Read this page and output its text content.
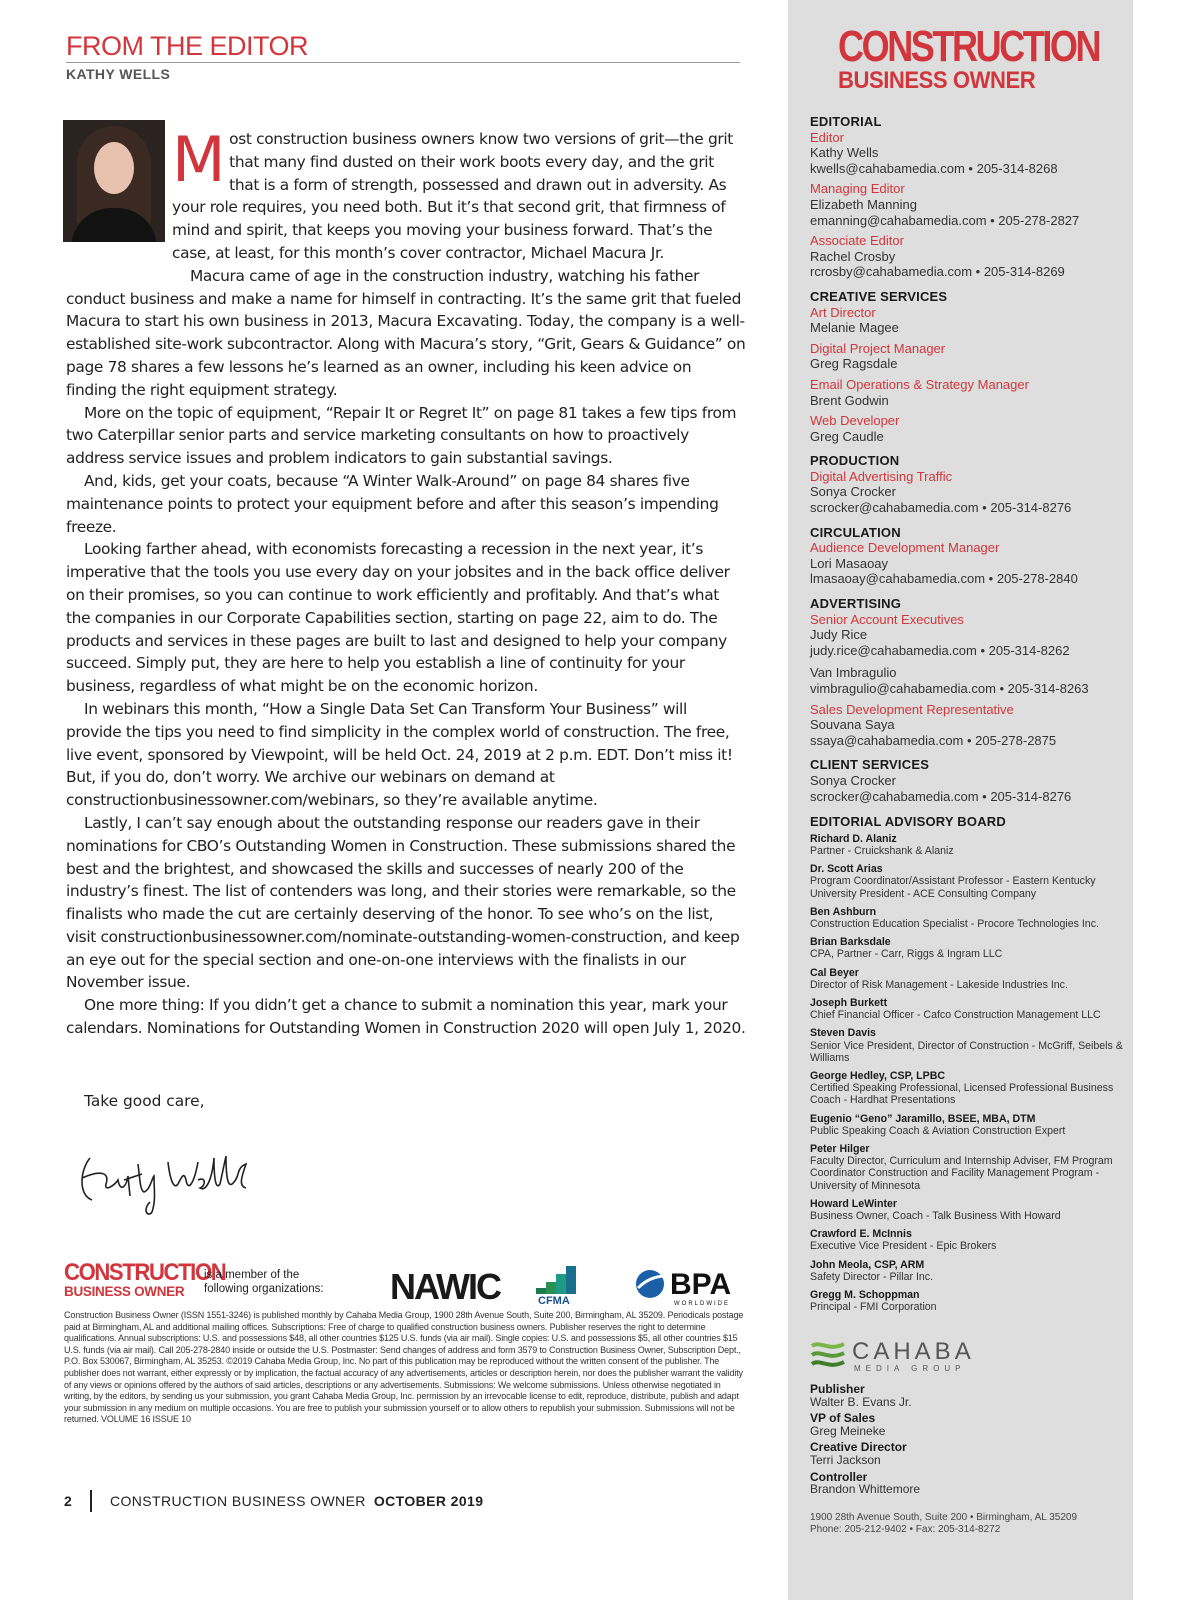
FROM THE EDITOR
KATHY WELLS
M ost construction business owners know two versions of grit—the grit that many find dusted on their work boots every day, and the grit that is a form of strength, possessed and drawn out in adversity. As your role requires, you need both. But it’s that second grit, that firmness of mind and spirit, that keeps you moving your business forward. That’s the case, at least, for this month’s cover contractor, Michael Macura Jr.

Macura came of age in the construction industry, watching his father conduct business and make a name for himself in contracting. It’s the same grit that fueled Macura to start his own business in 2013, Macura Excavating. Today, the company is a well-established site-work subcontractor. Along with Macura’s story, “Grit, Gears & Guidance” on page 78 shares a few lessons he’s learned as an owner, including his keen advice on finding the right equipment strategy.

More on the topic of equipment, “Repair It or Regret It” on page 81 takes a few tips from two Caterpillar senior parts and service marketing consultants on how to proactively address service issues and problem indicators to gain substantial savings.

And, kids, get your coats, because “A Winter Walk-Around” on page 84 shares five maintenance points to protect your equipment before and after this season’s impending freeze.

Looking farther ahead, with economists forecasting a recession in the next year, it’s imperative that the tools you use every day on your jobsites and in the back office deliver on their promises, so you can continue to work efficiently and profitably. And that’s what the companies in our Corporate Capabilities section, starting on page 22, aim to do. The products and services in these pages are built to last and designed to help your company succeed. Simply put, they are here to help you establish a line of continuity for your business, regardless of what might be on the economic horizon.

In webinars this month, “How a Single Data Set Can Transform Your Business” will provide the tips you need to find simplicity in the complex world of construction. The free, live event, sponsored by Viewpoint, will be held Oct. 24, 2019 at 2 p.m. EDT. Don’t miss it! But, if you do, don’t worry. We archive our webinars on demand at constructionbusinessowner.com/webinars, so they’re available anytime.

Lastly, I can’t say enough about the outstanding response our readers gave in their nominations for CBO’s Outstanding Women in Construction. These submissions shared the best and the brightest, and showcased the skills and successes of nearly 200 of the industry’s finest. The list of contenders was long, and their stories were remarkable, so the finalists who made the cut are certainly deserving of the honor. To see who’s on the list, visit constructionbusinessowner.com/nominate-outstanding-women-construction, and keep an eye out for the special section and one-on-one interviews with the finalists in our November issue.

One more thing: If you didn’t get a chance to submit a nomination this year, mark your calendars. Nominations for Outstanding Women in Construction 2020 will open July 1, 2020.

Take good care,
CONSTRUCTION
BUSINESS OWNER
is a member of the following organizations:	NAWIC	CFMA	BPA
WORLDWIDE
Construction Business Owner (ISSN 1551-3246) is published monthly by Cahaba Media Group, 1900 28th Avenue South, Suite 200, Birmingham, AL 35209. Periodicals postage paid at Birmingham, AL and additional mailing offices. Subscriptions: Free of charge to qualified construction business owners. Publisher reserves the right to determine qualifications. Annual subscriptions: U.S. and possessions $48, all other countries $125 U.S. funds (via air mail). Single copies: U.S. and possessions $5, all other countries $15 U.S. funds (via air mail). Call 205-278-2840 inside or outside the U.S. Postmaster: Send changes of address and form 3579 to Construction Business Owner, Subscription Dept., P.O. Box 530067, Birmingham, AL 35253. ©2019 Cahaba Media Group, Inc. No part of this publication may be reproduced without the written consent of the publisher. The publisher does not warrant, either expressly or by implication, the factual accuracy of any advertisements, articles or description herein, nor does the publisher warrant the validity of any views or opinions offered by the authors of said articles, descriptions or any advertisements. Submissions: We welcome submissions. Unless otherwise negotiated in writing, by the editors, by sending us your submission, you grant Cahaba Media Group, Inc. permission by an irrevocable license to edit, reproduce, distribute, publish and adapt your submission in any medium on multiple occasions. You are free to publish your submission yourself or to allow others to republish your submission. Submissions will not be returned. VOLUME 16 ISSUE 10
2	CONSTRUCTION BUSINESS OWNER OCTOBER 2019
CONSTRUCTION
BUSINESS OWNER
EDITORIAL
Editor
Kathy Wells
kwells@cahabamedia.com • 205-314-8268
Managing Editor
Elizabeth Manning
emanning@cahabamedia.com • 205-278-2827
Associate Editor
Rachel Crosby
rcrosby@cahabamedia.com • 205-314-8269
CREATIVE SERVICES
Art Director
Melanie Magee
Digital Project Manager
Greg Ragsdale
Email Operations & Strategy Manager
Brent Godwin
Web Developer
Greg Caudle
PRODUCTION
Digital Advertising Traffic
Sonya Crocker
scrocker@cahabamedia.com • 205-314-8276
CIRCULATION
Audience Development Manager
Lori Masaoay
lmasaoay@cahabamedia.com • 205-278-2840
ADVERTISING
Senior Account Executives
Judy Rice
judy.rice@cahabamedia.com • 205-314-8262
Van Imbragulio
vimbragulio@cahabamedia.com • 205-314-8263
Sales Development Representative
Souvana Saya
ssaya@cahabamedia.com • 205-278-2875
CLIENT SERVICES
Sonya Crocker
scrocker@cahabamedia.com • 205-314-8276
EDITORIAL ADVISORY BOARD
Richard D. Alaniz
Partner - Cruickshank & Alaniz
Dr. Scott Arias
Program Coordinator/Assistant Professor - Eastern Kentucky University President - ACE Consulting Company
Ben Ashburn
Construction Education Specialist - Procore Technologies Inc.
Brian Barksdale
CPA, Partner - Carr, Riggs & Ingram LLC
Cal Beyer
Director of Risk Management - Lakeside Industries Inc.
Joseph Burkett
Chief Financial Officer - Cafco Construction Management LLC
Steven Davis
Senior Vice President, Director of Construction - McGriff, Seibels & Williams
George Hedley, CSP, LPBC
Certified Speaking Professional, Licensed Professional Business Coach - Hardhat Presentations
Eugenio “Geno” Jaramillo, BSEE, MBA, DTM
Public Speaking Coach & Aviation Construction Expert
Peter Hilger
Faculty Director, Curriculum and Internship Adviser, FM Program Coordinator Construction and Facility Management Program - University of Minnesota
Howard LeWinter
Business Owner, Coach - Talk Business With Howard
Crawford E. McInnis
Executive Vice President - Epic Brokers
John Meola, CSP, ARM
Safety Director - Pillar Inc.
Gregg M. Schoppman
Principal - FMI Corporation
CAHABA
MEDIA GROUP
Publisher
Walter B. Evans Jr.
VP of Sales
Greg Meineke
Creative Director
Terri Jackson
Controller
Brandon Whittemore
1900 28th Avenue South, Suite 200 • Birmingham, AL 35209
Phone: 205-212-9402 • Fax: 205-314-8272
